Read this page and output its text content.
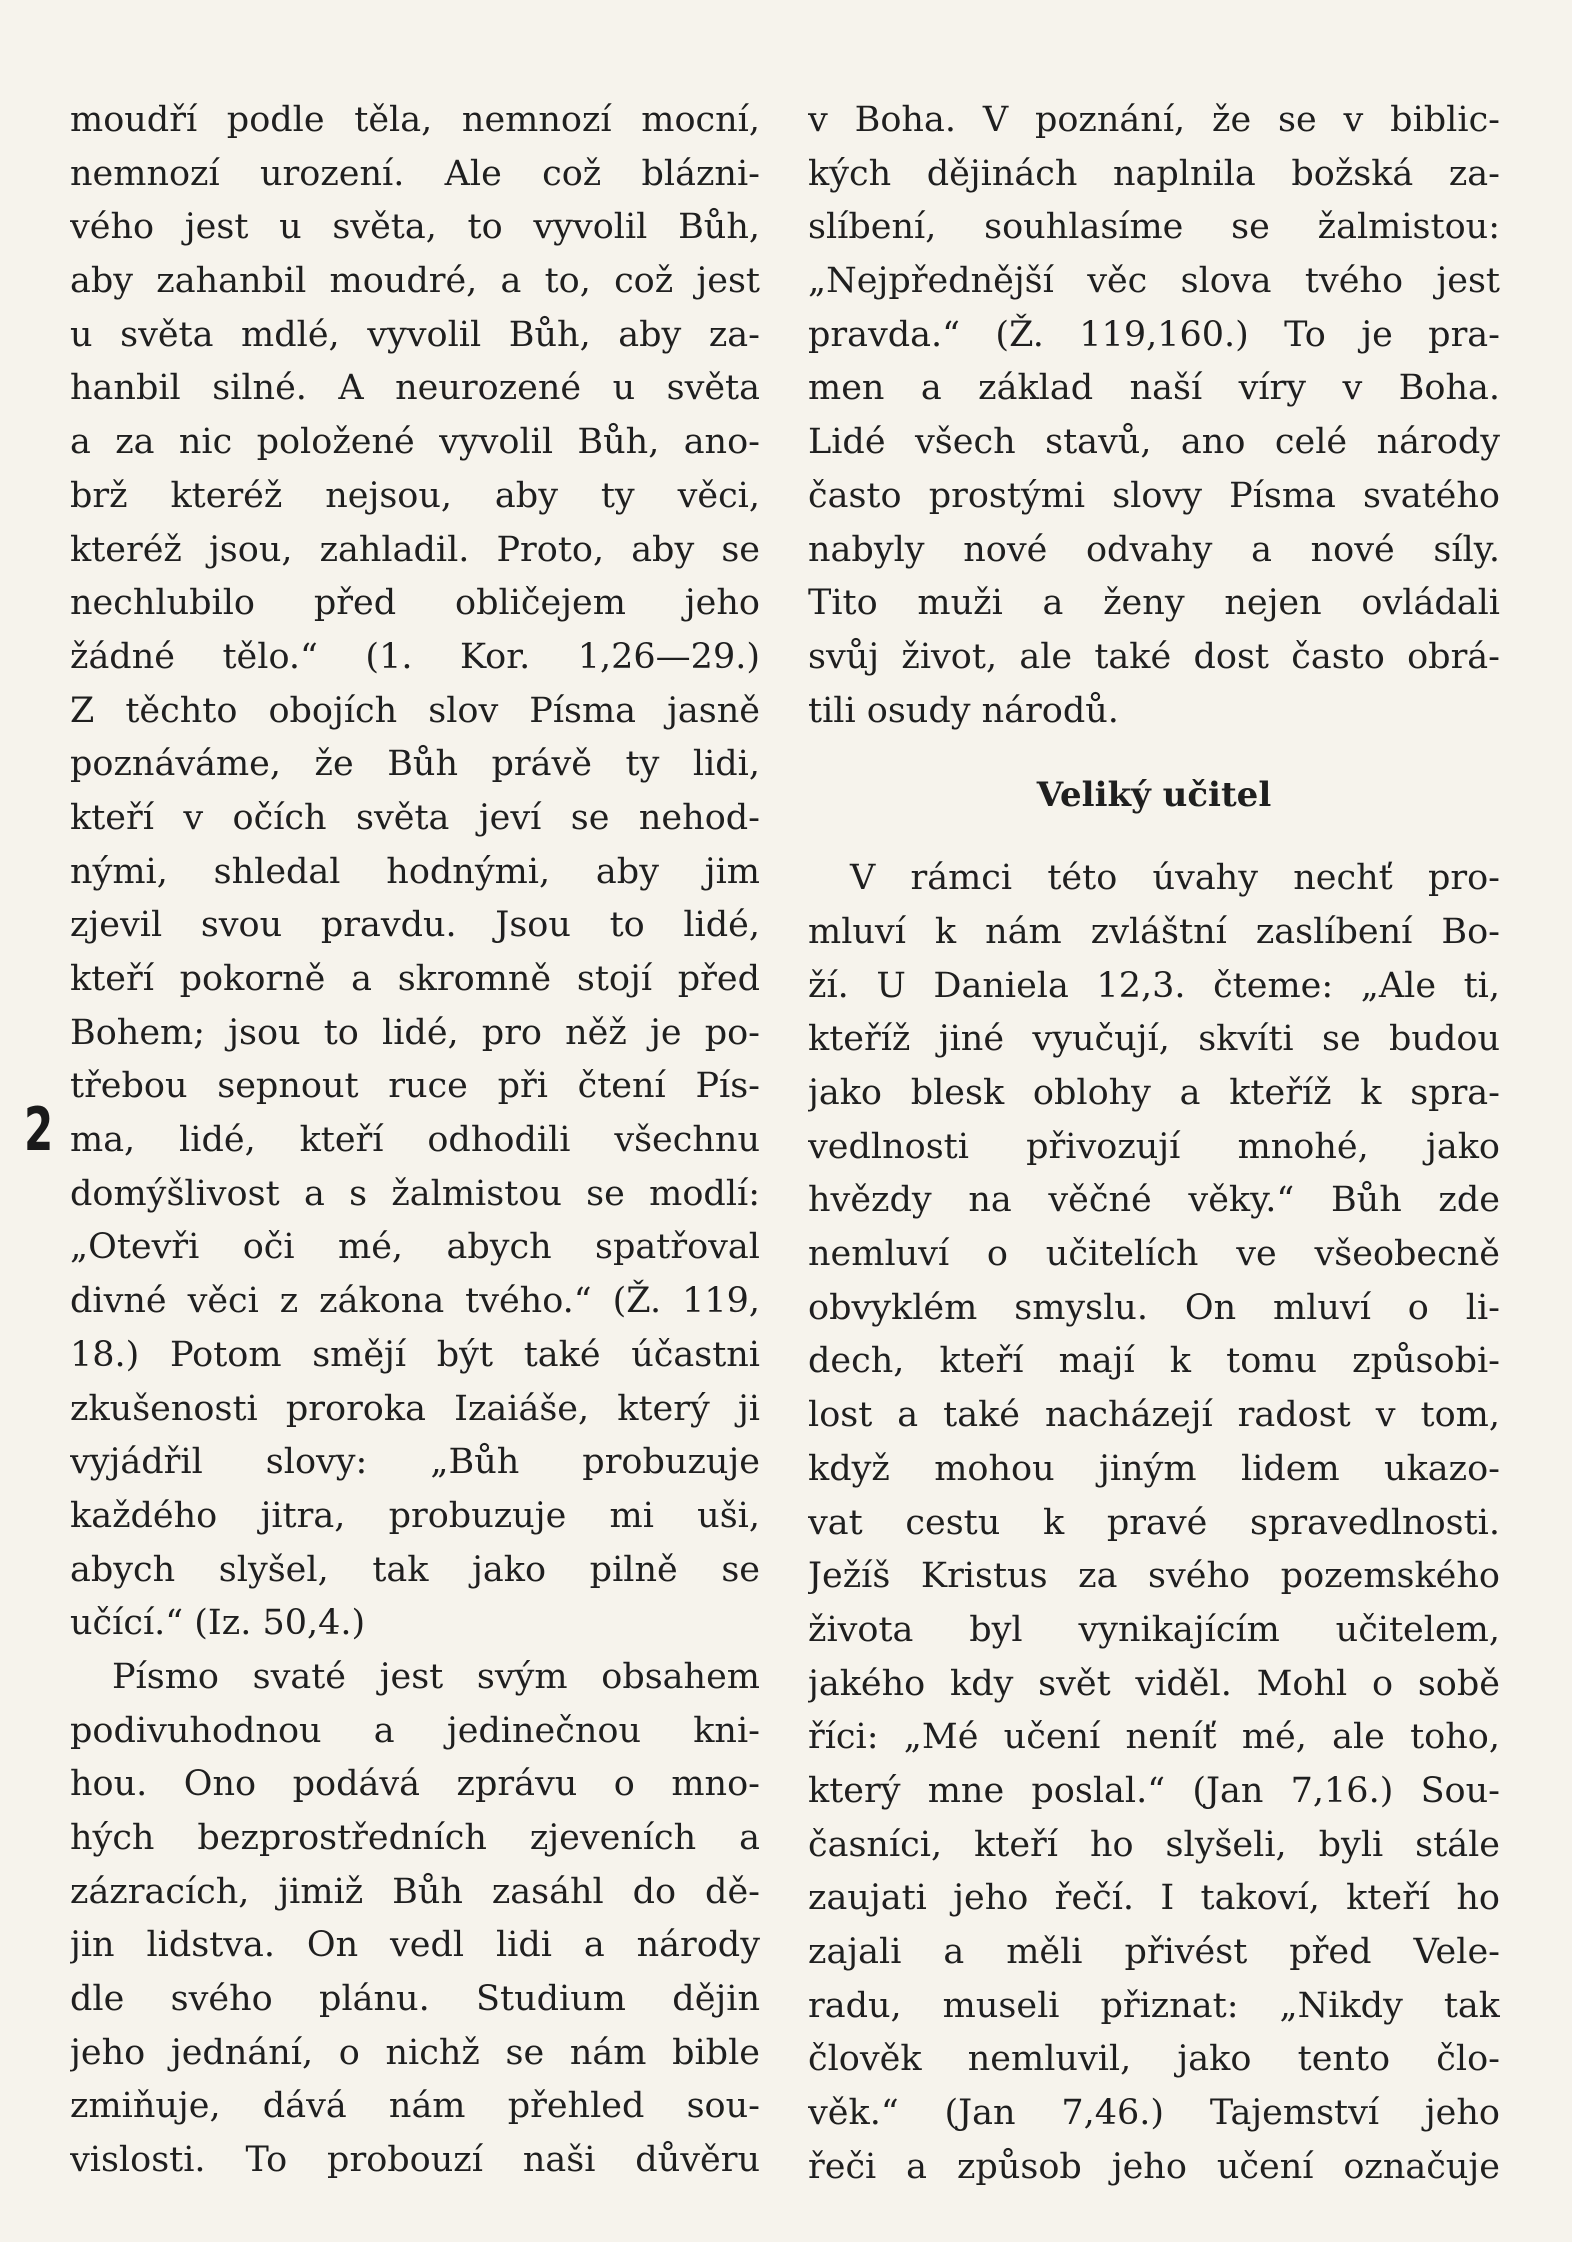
moudří podle těla, nemnozí mocní,
nemnozí urození. Ale což blázni-
vého jest u světa, to vyvolil Bůh,
aby zahanbil moudré, a to, což jest
u světa mdlé, vyvolil Bůh, aby za-
hanbil silné. A neurozené u světa
a za nic položené vyvolil Bůh, ano-
brž kteréž nejsou, aby ty věci,
kteréž jsou, zahladil. Proto, aby se
nechlubilo před obličejem jeho
žádné tělo.“ (1. Kor. 1,26—29.)
Z těchto obojích slov Písma jasně
poznáváme, že Bůh právě ty lidi,
kteří v očích světa jeví se nehod-
nými, shledal hodnými, aby jim
zjevil svou pravdu. Jsou to lidé,
kteří pokorně a skromně stojí před
Bohem; jsou to lidé, pro něž je po-
třebou sepnout ruce při čtení Pís-
ma, lidé, kteří odhodili všechnu
domýšlivost a s žalmistou se modlí:
„Otevři oči mé, abych spatřoval
divné věci z zákona tvého.“ (Ž. 119,
18.) Potom smějí být také účastni
zkušenosti proroka Izaiáše, který ji
vyjádřil slovy: „Bůh probuzuje
každého jitra, probuzuje mi uši,
abych slyšel, tak jako pilně se
učící.“ (Iz. 50,4.)
Písmo svaté jest svým obsahem
podivuhodnou a jedinečnou kni-
hou. Ono podává zprávu o mno-
hých bezprostředních zjeveních a
zázracích, jimiž Bůh zasáhl do dě-
jin lidstva. On vedl lidi a národy
dle svého plánu. Studium dějin
jeho jednání, o nichž se nám bible
zmiňuje, dává nám přehled sou-
vislosti. To probouzí naši důvěru
2
v Boha. V poznání, že se v biblic-
kých dějinách naplnila božská za-
slíbení, souhlasíme se žalmistou:
„Nejpřednější věc slova tvého jest
pravda.“ (Ž. 119,160.) To je pra-
men a základ naší víry v Boha.
Lidé všech stavů, ano celé národy
často prostými slovy Písma svatého
nabyly nové odvahy a nové síly.
Tito muži a ženy nejen ovládali
svůj život, ale také dost často obrá-
tili osudy národů.
Veliký učitel
V rámci této úvahy nechť pro-
mluví k nám zvláštní zaslíbení Bo-
ží. U Daniela 12,3. čteme: „Ale ti,
kteříž jiné vyučují, skvíti se budou
jako blesk oblohy a kteříž k spra-
vedlnosti přivozují mnohé, jako
hvězdy na věčné věky.“ Bůh zde
nemluví o učitelích ve všeobecně
obvyklém smyslu. On mluví o li-
dech, kteří mají k tomu způsobi-
lost a také nacházejí radost v tom,
když mohou jiným lidem ukazo-
vat cestu k pravé spravedlnosti.
Ježíš Kristus za svého pozemského
života byl vynikajícím učitelem,
jakého kdy svět viděl. Mohl o sobě
říci: „Mé učení neníť mé, ale toho,
který mne poslal.“ (Jan 7,16.) Sou-
časníci, kteří ho slyšeli, byli stále
zaujati jeho řečí. I takoví, kteří ho
zajali a měli přivést před Vele-
radu, museli přiznat: „Nikdy tak
člověk nemluvil, jako tento člo-
věk.“ (Jan 7,46.) Tajemství jeho
řeči a způsob jeho učení označuje
